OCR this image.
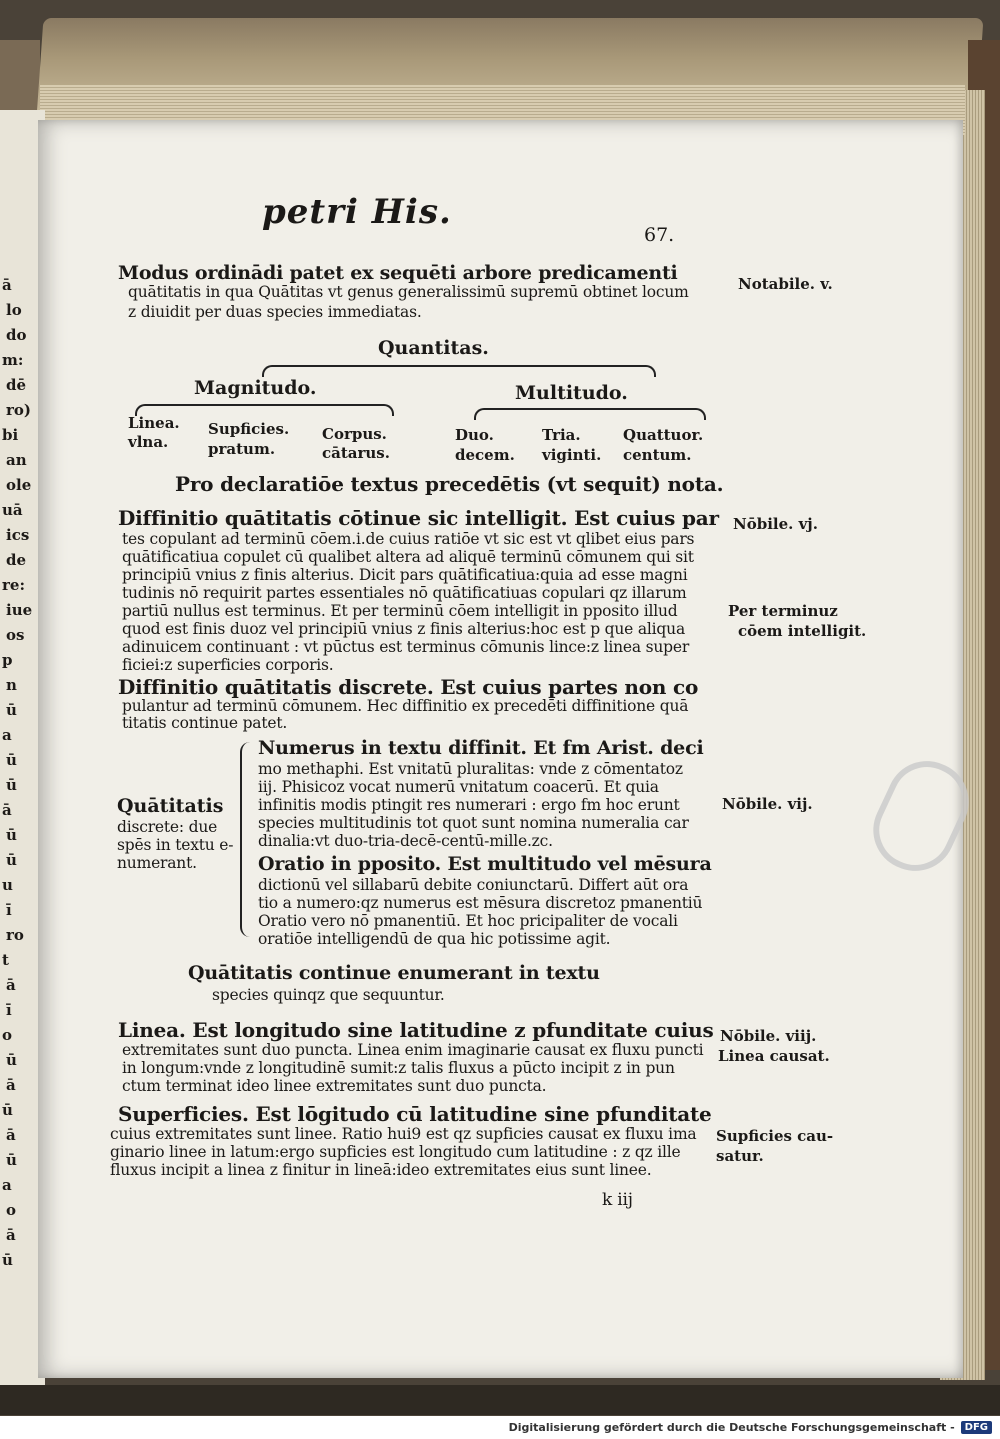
ā
lo
do
m:
dē
ro)
bi
an
ole
uā
ics
de
re:
iue
os
p
n
ū
a
ū
ū
ā
ū
ū
u
ī
ro
t
ā
ī
o
ū
ā
ū
ā
ū
a
o
ā
ū
petri His.
67.
Modus ordinādi patet ex sequēti arbore predicamenti
quātitatis in qua Quātitas vt genus generalissimū supremū obtinet locum
z diuidit per duas species immediatas.
Notabile. v.
Quantitas.
Magnitudo.	Multitudo.
Linea.
vlna.
Supficies.
pratum.
Corpus.
cātarus.
Duo.
decem.
Tria.
viginti.
Quattuor.
centum.
Pro declaratiōe textus precedētis (vt sequit) nota.
Diffinitio quātitatis cōtinue sic intelligit. Est cuius par
tes copulant ad terminū cōem.i.de cuius ratiōe vt sic est vt qlibet eius pars
quātificatiua copulet cū qualibet altera ad aliquē terminū cōmunem qui sit
principiū vnius z finis alterius. Dicit pars quātificatiua:quia ad esse magni
tudinis nō requirit partes essentiales nō quātificatiuas copulari qz illarum
partiū nullus est terminus. Et per terminū cōem intelligit in pposito illud
quod est finis duoz vel principiū vnius z finis alterius:hoc est p que aliqua
adinuicem continuant : vt pūctus est terminus cōmunis lince:z linea super
ficiei:z superficies corporis.
Nōbile. vj.
Per terminuz
cōem intelligit.
Diffinitio quātitatis discrete. Est cuius partes non co
pulantur ad terminū cōmunem. Hec diffinitio ex precedēti diffinitione quā
titatis continue patet.
Quātitatis
discrete: due
spēs in textu e-
numerant.
Numerus in textu diffinit. Et fm Arist. deci
mo methaphi. Est vnitatū pluralitas: vnde z cōmentatoz
iij. Phisicoz vocat numerū vnitatum coacerū. Et quia
infinitis modis ptingit res numerari : ergo fm hoc erunt
species multitudinis tot quot sunt nomina numeralia car
dinalia:vt duo-tria-decē-centū-mille.zc.
Nōbile. vij.
Oratio in pposito. Est multitudo vel mēsura
dictionū vel sillabarū debite coniunctarū. Differt aūt ora
tio a numero:qz numerus est mēsura discretoz pmanentiū
Oratio vero nō pmanentiū. Et hoc pricipaliter de vocali
oratiōe intelligendū de qua hic potissime agit.
Quātitatis continue enumerant in textu
species quinqz que sequuntur.
Linea. Est longitudo sine latitudine z pfunditate cuius
extremitates sunt duo puncta. Linea enim imaginarie causat ex fluxu puncti
in longum:vnde z longitudinē sumit:z talis fluxus a pūcto incipit z in pun
ctum terminat ideo linee extremitates sunt duo puncta.
Nōbile. viij.
Linea causat.
Superficies. Est lōgitudo cū latitudine sine pfunditate
cuius extremitates sunt linee. Ratio hui9 est qz supficies causat ex fluxu ima
ginario linee in latum:ergo supficies est longitudo cum latitudine : z qz ille
fluxus incipit a linea z finitur in lineā:ideo extremitates eius sunt linee.
Supficies cau-
satur.
k iij
Digitalisierung gefördert durch die Deutsche Forschungsgemeinschaft -	DFG
